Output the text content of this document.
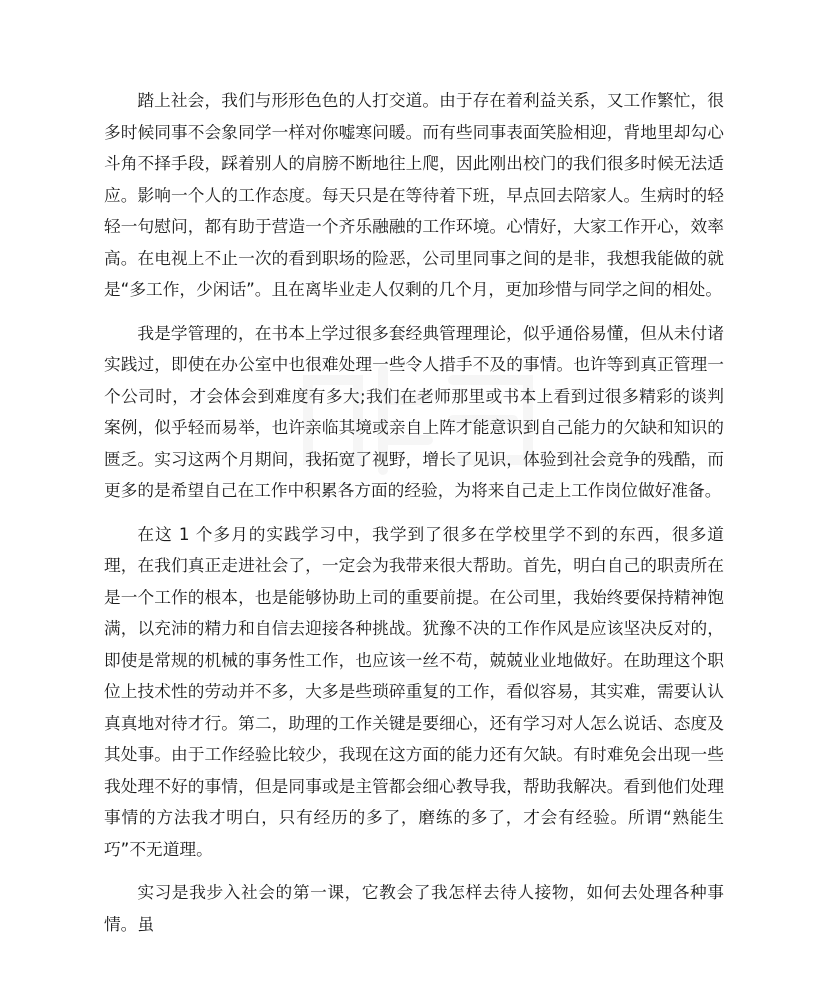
踏上社会，我们与形形色色的人打交道。由于存在着利益关系，又工作繁忙，很多时候同事不会象同学一样对你嘘寒问暖。而有些同事表面笑脸相迎，背地里却勾心斗角不择手段，踩着别人的肩膀不断地往上爬，因此刚出校门的我们很多时候无法适应。影响一个人的工作态度。每天只是在等待着下班，早点回去陪家人。生病时的轻轻一句慰问，都有助于营造一个齐乐融融的工作环境。心情好，大家工作开心，效率高。在电视上不止一次的看到职场的险恶，公司里同事之间的是非，我想我能做的就是“多工作，少闲话”。且在离毕业走人仅剩的几个月，更加珍惜与同学之间的相处。

我是学管理的，在书本上学过很多套经典管理理论，似乎通俗易懂，但从未付诸实践过，即使在办公室中也很难处理一些令人措手不及的事情。也许等到真正管理一个公司时，才会体会到难度有多大;我们在老师那里或书本上看到过很多精彩的谈判案例，似乎轻而易举，也许亲临其境或亲自上阵才能意识到自己能力的欠缺和知识的匮乏。实习这两个月期间，我拓宽了视野，增长了见识，体验到社会竞争的残酷，而更多的是希望自己在工作中积累各方面的经验，为将来自己走上工作岗位做好准备。

在这 1 个多月的实践学习中，我学到了很多在学校里学不到的东西，很多道理，在我们真正走进社会了，一定会为我带来很大帮助。首先，明白自己的职责所在是一个工作的根本，也是能够协助上司的重要前提。在公司里，我始终要保持精神饱满，以充沛的精力和自信去迎接各种挑战。犹豫不决的工作作风是应该坚决反对的，即使是常规的机械的事务性工作，也应该一丝不苟，兢兢业业地做好。在助理这个职位上技术性的劳动并不多，大多是些琐碎重复的工作，看似容易，其实难，需要认认真真地对待才行。第二，助理的工作关键是要细心，还有学习对人怎么说话、态度及其处事。由于工作经验比较少，我现在这方面的能力还有欠缺。有时难免会出现一些我处理不好的事情，但是同事或是主管都会细心教导我，帮助我解决。看到他们处理事情的方法我才明白，只有经历的多了，磨练的多了，才会有经验。所谓“熟能生巧”不无道理。

实习是我步入社会的第一课，它教会了我怎样去待人接物，如何去处理各种事情。虽
